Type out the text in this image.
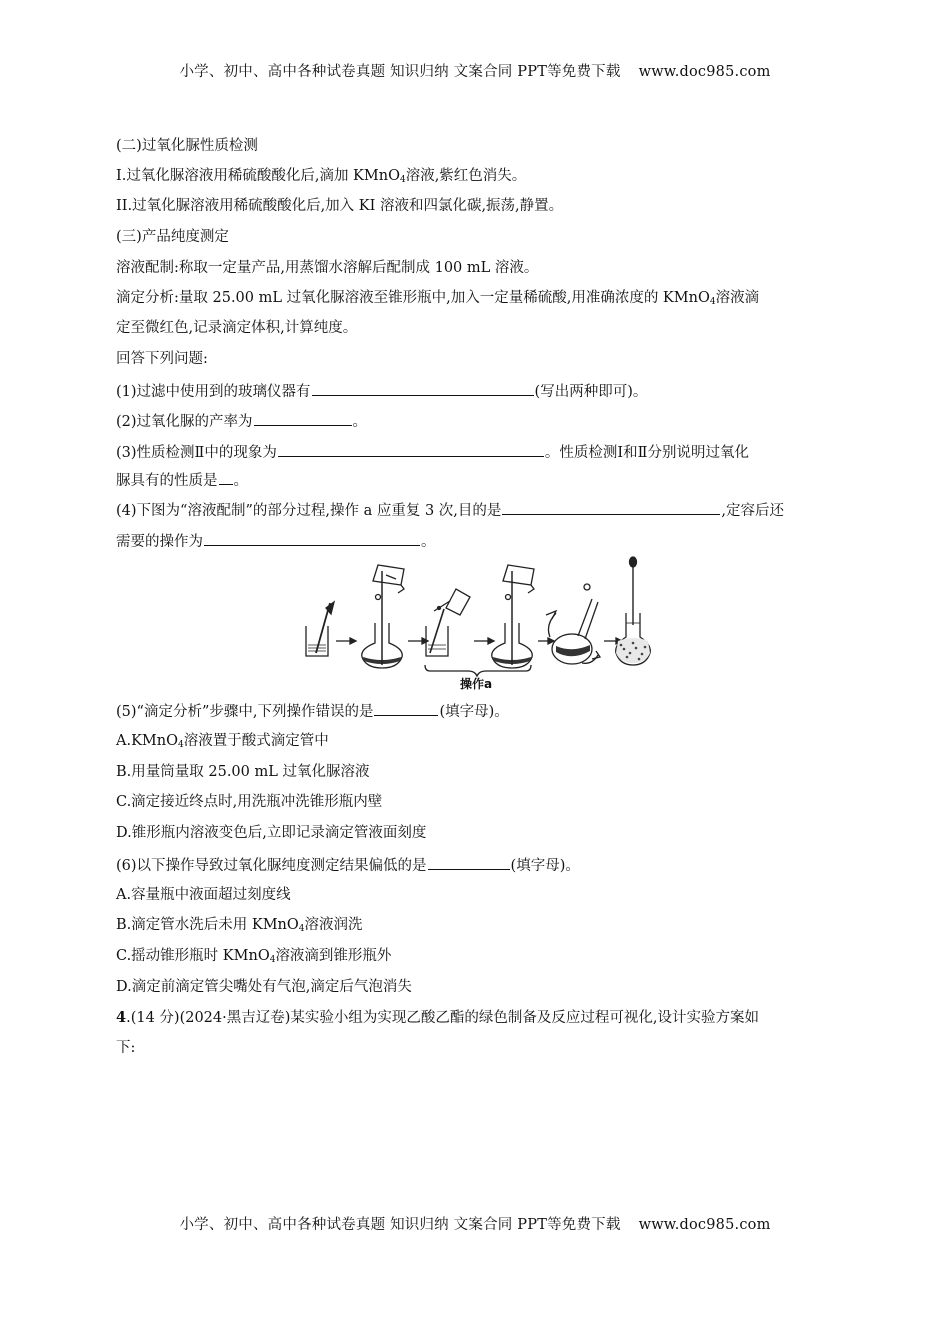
小学、初中、高中各种试卷真题 知识归纳 文案合同 PPT等免费下载 www.doc985.com
(二)过氧化脲性质检测
I.过氧化脲溶液用稀硫酸酸化后,滴加 KMnO$_4$溶液,紫红色消失。
II.过氧化脲溶液用稀硫酸酸化后,加入 KI 溶液和四氯化碳,振荡,静置。
(三)产品纯度测定
溶液配制:称取一定量产品,用蒸馏水溶解后配制成 100 mL 溶液。
滴定分析:量取 25.00 mL 过氧化脲溶液至锥形瓶中,加入一定量稀硫酸,用准确浓度的 KMnO$_4$溶液滴
定至微红色,记录滴定体积,计算纯度。
回答下列问题:
(1)过滤中使用到的玻璃仪器有	(写出两种即可)。
(2)过氧化脲的产率为	。
(3)性质检测Ⅱ中的现象为	。性质检测Ⅰ和Ⅱ分别说明过氧化
脲具有的性质是 。
(4)下图为“溶液配制”的部分过程,操作 a 应重复 3 次,目的是	,定容后还
需要的操作为	。
操作a
(5)“滴定分析”步骤中,下列操作错误的是	(填字母)。
A.KMnO$_4$溶液置于酸式滴定管中
B.用量筒量取 25.00 mL 过氧化脲溶液
C.滴定接近终点时,用洗瓶冲洗锥形瓶内壁
D.锥形瓶内溶液变色后,立即记录滴定管液面刻度
(6)以下操作导致过氧化脲纯度测定结果偏低的是	(填字母)。
A.容量瓶中液面超过刻度线
B.滴定管水洗后未用 KMnO$_4$溶液润洗
C.摇动锥形瓶时 KMnO$_4$溶液滴到锥形瓶外
D.滴定前滴定管尖嘴处有气泡,滴定后气泡消失
4.(14 分)(2024·黑吉辽卷)某实验小组为实现乙酸乙酯的绿色制备及反应过程可视化,设计实验方案如
下:
小学、初中、高中各种试卷真题 知识归纳 文案合同 PPT等免费下载 www.doc985.com
